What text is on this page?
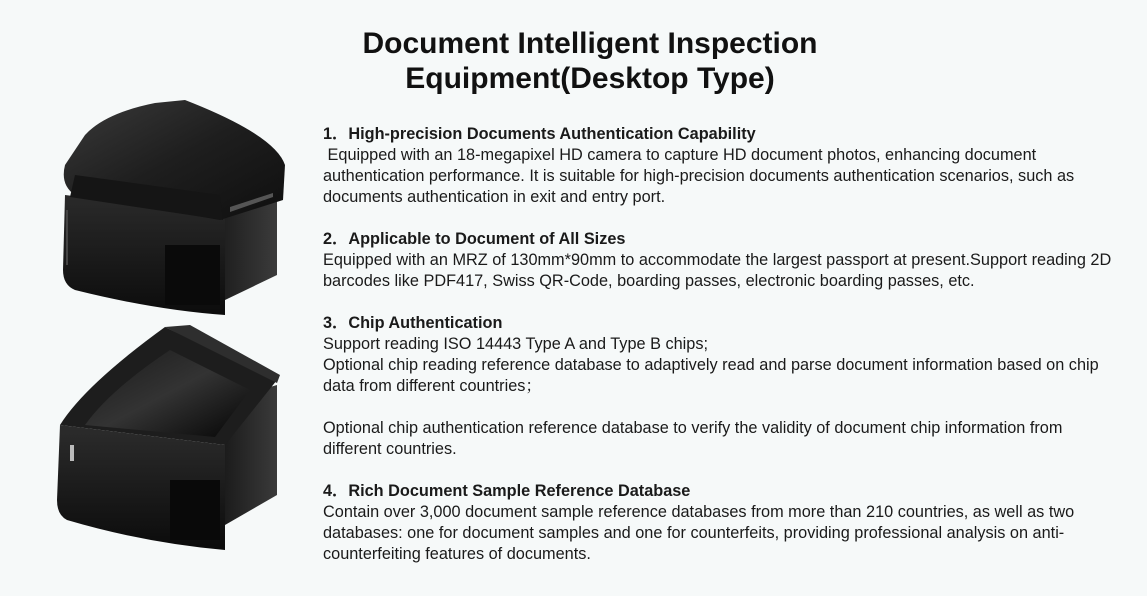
Document Intelligent Inspection
Equipment(Desktop Type)
1．High-precision Documents Authentication Capability
Equipped with an 18-megapixel HD camera to capture HD document photos, enhancing document authentication performance. It is suitable for high-precision documents authentication scenarios, such as documents authentication in exit and entry port.
2．Applicable to Document of All Sizes
Equipped with an MRZ of 130mm*90mm to accommodate the largest passport at present.Support reading 2D barcodes like PDF417, Swiss QR-Code, boarding passes, electronic boarding passes, etc.
3．Chip Authentication
Support reading ISO 14443 Type A and Type B chips;
Optional chip reading reference database to adaptively read and parse document information based on chip data from different countries；
Optional chip authentication reference database to verify the validity of document chip information from different countries.
4．Rich Document Sample Reference Database
Contain over 3,000 document sample reference databases from more than 210 countries, as well as two databases: one for document samples and one for counterfeits, providing professional analysis on anti-counterfeiting features of documents.
